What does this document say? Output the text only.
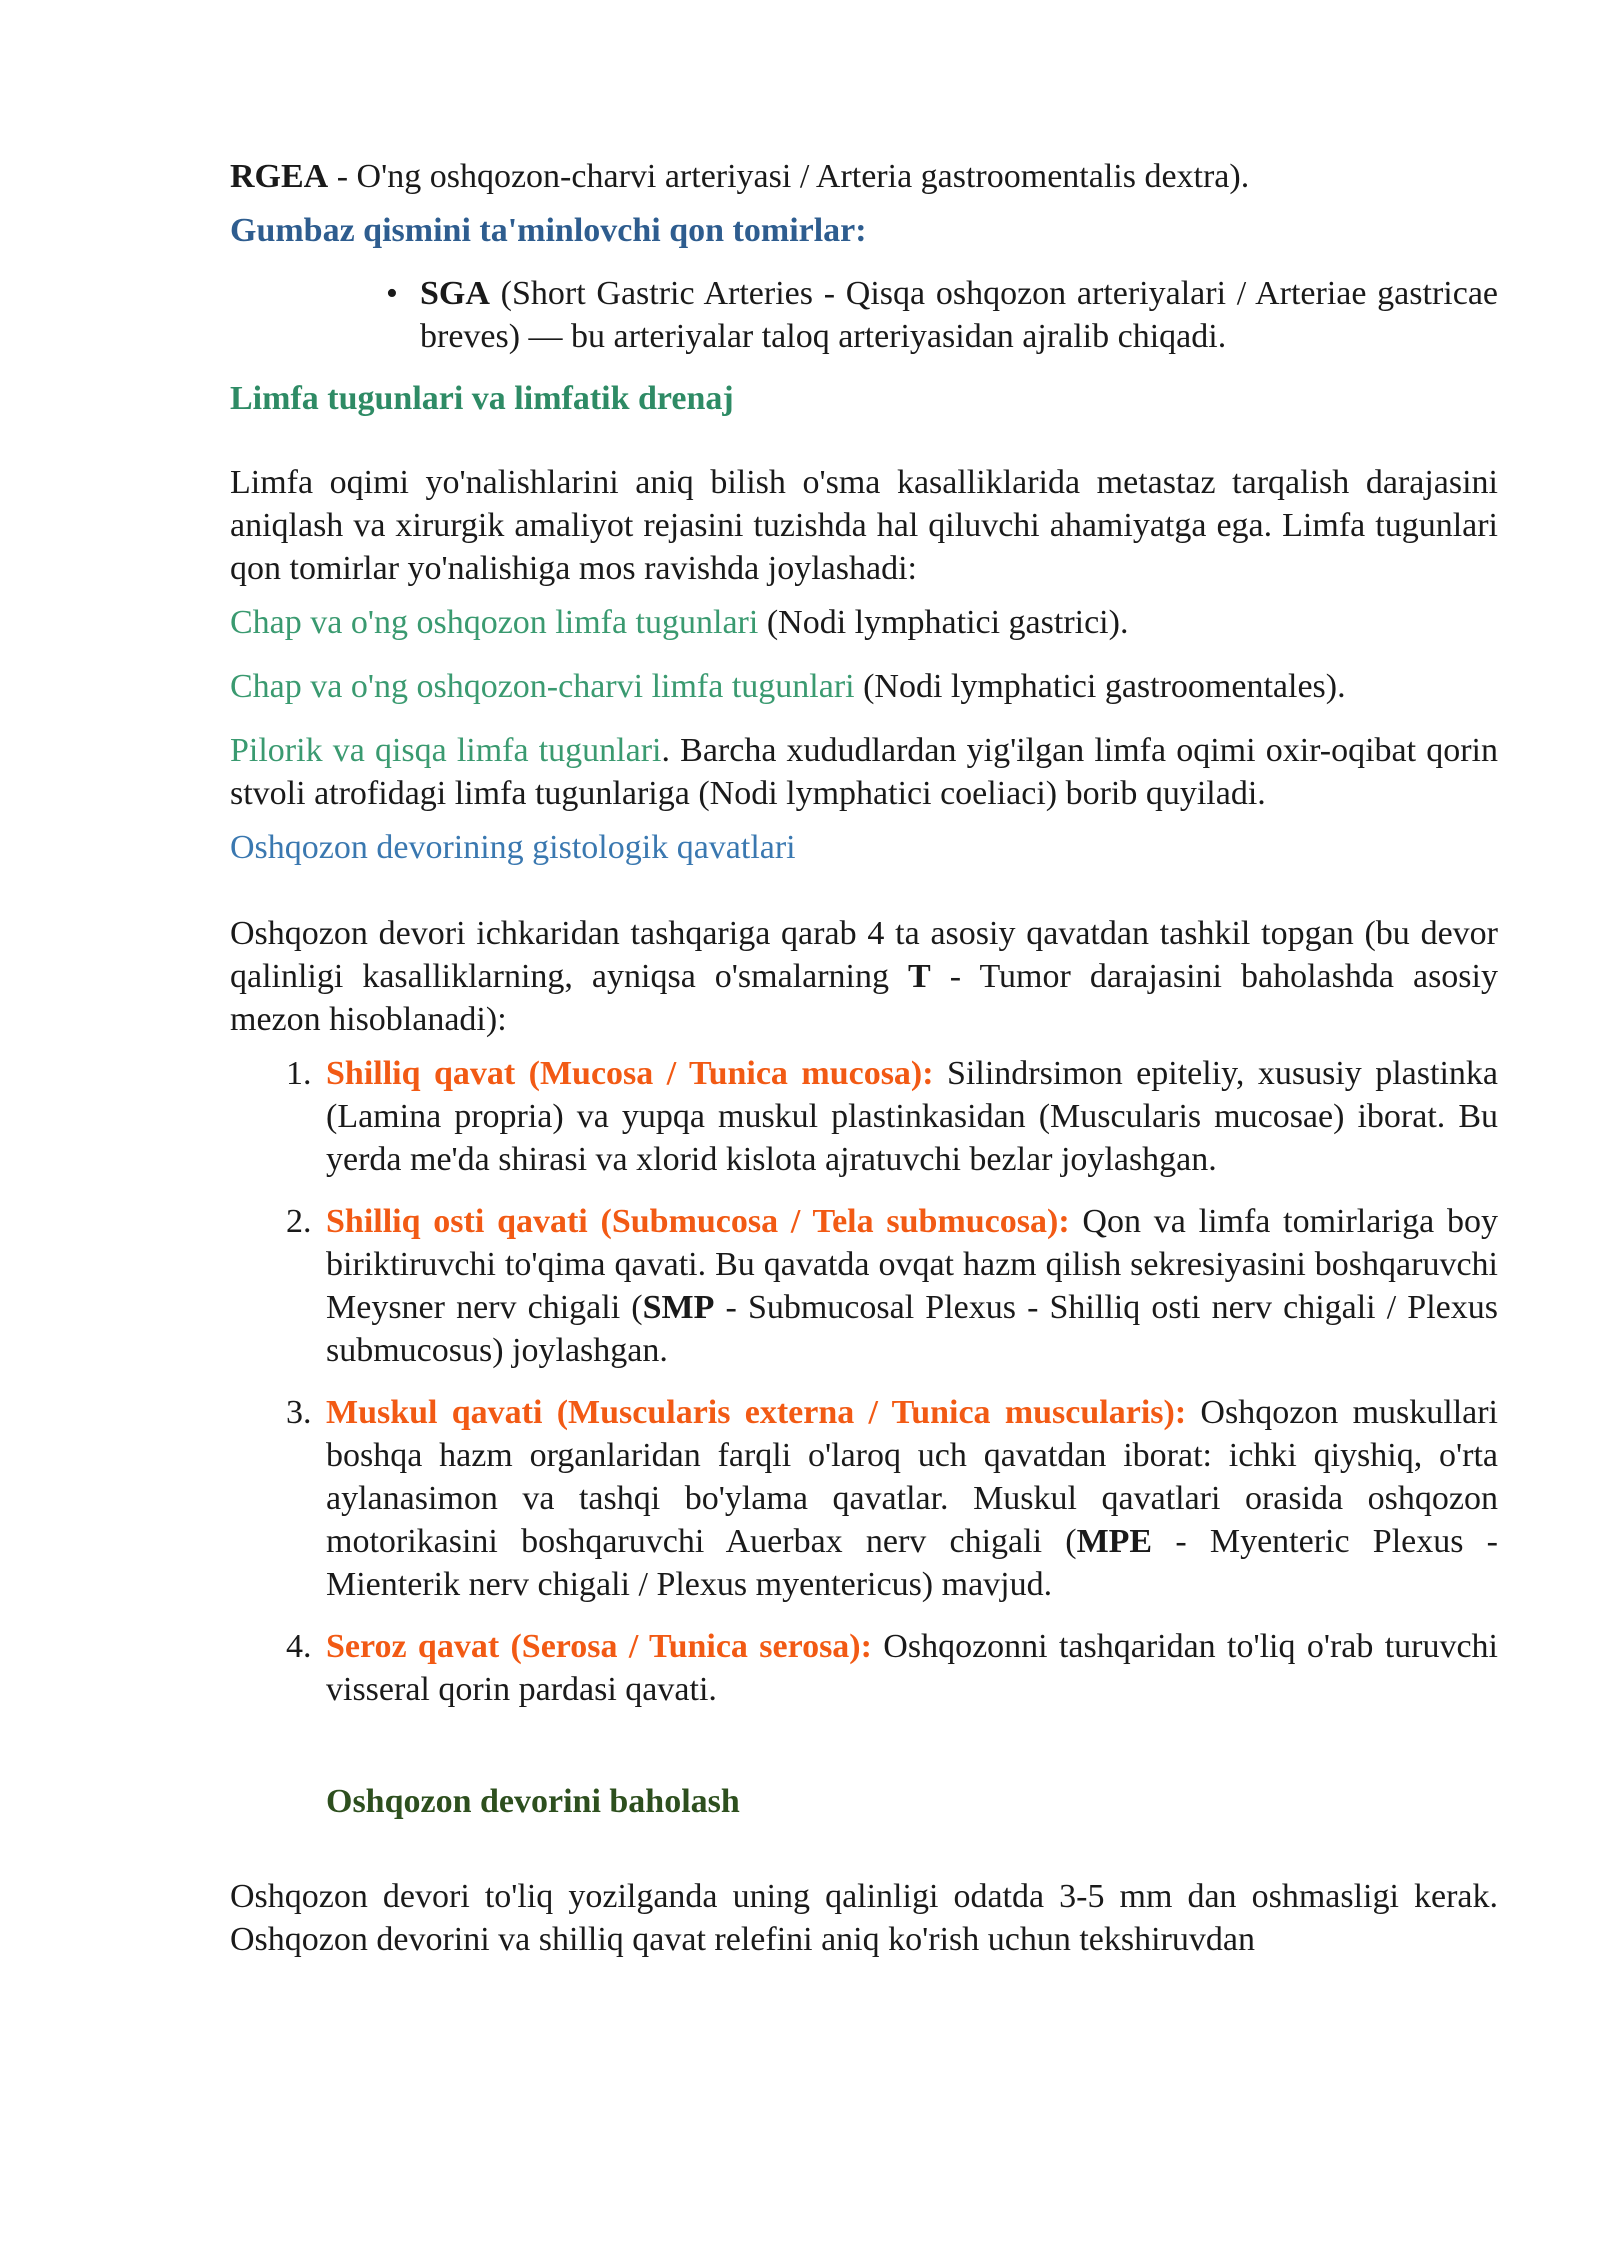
RGEA - O'ng oshqozon-charvi arteriyasi / Arteria gastroomentalis dextra).

Gumbaz qismini ta'minlovchi qon tomirlar:

• SGA (Short Gastric Arteries - Qisqa oshqozon arteriyalari / Arteriae gastricae breves) — bu arteriyalar taloq arteriyasidan ajralib chiqadi.

Limfa tugunlari va limfatik drenaj

Limfa oqimi yo'nalishlarini aniq bilish o'sma kasalliklarida metastaz tarqalish darajasini aniqlash va xirurgik amaliyot rejasini tuzishda hal qiluvchi ahamiyatga ega. Limfa tugunlari qon tomirlar yo'nalishiga mos ravishda joylashadi:

Chap va o'ng oshqozon limfa tugunlari (Nodi lymphatici gastrici).

Chap va o'ng oshqozon-charvi limfa tugunlari (Nodi lymphatici gastroomentales).

Pilorik va qisqa limfa tugunlari. Barcha xududlardan yig'ilgan limfa oqimi oxir-oqibat qorin stvoli atrofidagi limfa tugunlariga (Nodi lymphatici coeliaci) borib quyiladi.

Oshqozon devorining gistologik qavatlari

Oshqozon devori ichkaridan tashqariga qarab 4 ta asosiy qavatdan tashkil topgan (bu devor qalinligi kasalliklarning, ayniqsa o'smalarning T - Tumor darajasini baholashda asosiy mezon hisoblanadi):

1. Shilliq qavat (Mucosa / Tunica mucosa): Silindrsimon epiteliy, xususiy plastinka (Lamina propria) va yupqa muskul plastinkasidan (Muscularis mucosae) iborat. Bu yerda me'da shirasi va xlorid kislota ajratuvchi bezlar joylashgan.
2. Shilliq osti qavati (Submucosa / Tela submucosa): Qon va limfa tomirlariga boy biriktiruvchi to'qima qavati. Bu qavatda ovqat hazm qilish sekresiyasini boshqaruvchi Meysner nerv chigali (SMP - Submucosal Plexus - Shilliq osti nerv chigali / Plexus submucosus) joylashgan.
3. Muskul qavati (Muscularis externa / Tunica muscularis): Oshqozon muskullari boshqa hazm organlaridan farqli o'laroq uch qavatdan iborat: ichki qiyshiq, o'rta aylanasimon va tashqi bo'ylama qavatlar. Muskul qavatlari orasida oshqozon motorikasini boshqaruvchi Auerbax nerv chigali (MPE - Myenteric Plexus - Mienterik nerv chigali / Plexus myentericus) mavjud.
4. Seroz qavat (Serosa / Tunica serosa): Oshqozonni tashqaridan to'liq o'rab turuvchi visseral qorin pardasi qavati.

Oshqozon devorini baholash

Oshqozon devori to'liq yozilganda uning qalinligi odatda 3-5 mm dan oshmasligi kerak. Oshqozon devorini va shilliq qavat relefini aniq ko'rish uchun tekshiruvdan
